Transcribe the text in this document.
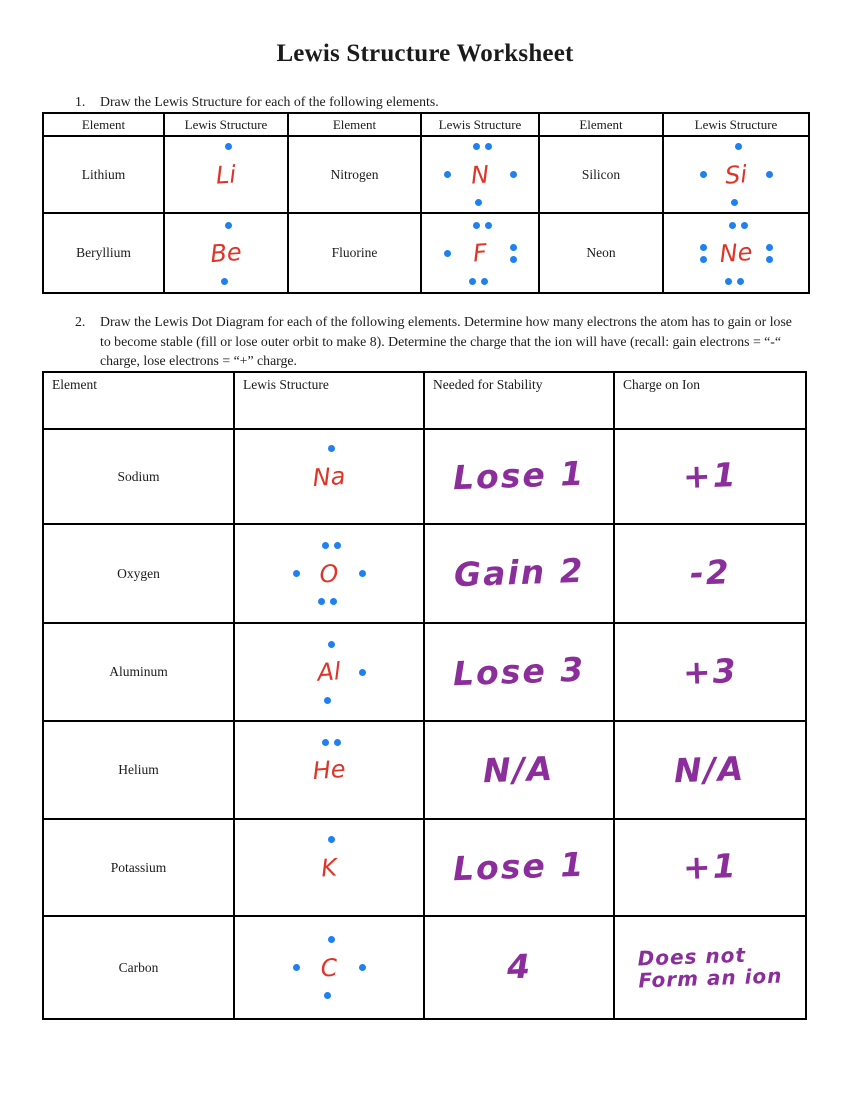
Lewis Structure Worksheet
1. Draw the Lewis Structure for each of the following elements.
Element	Lewis Structure	Element	Lewis Structure	Element	Lewis Structure
Lithium	Li	Nitrogen	N	Silicon	Si

Beryllium	Be	Fluorine	F	Neon	Ne
2. Draw the Lewis Dot Diagram for each of the following elements. Determine how many electrons the atom has to gain or lose to become stable (fill or lose outer orbit to make 8). Determine the charge that the ion will have (recall: gain electrons = “-“ charge, lose electrons = “+” charge.
Element	Lewis Structure	Needed for Stability	Charge on Ion
Sodium	Na	Lose 1	+1
Oxygen	O	Gain 2	-2
Aluminum	Al	Lose 3	+3
Helium	He	N/A	N/A
Potassium	K	Lose 1	+1
Carbon	C	4	Does not
Form an ion
